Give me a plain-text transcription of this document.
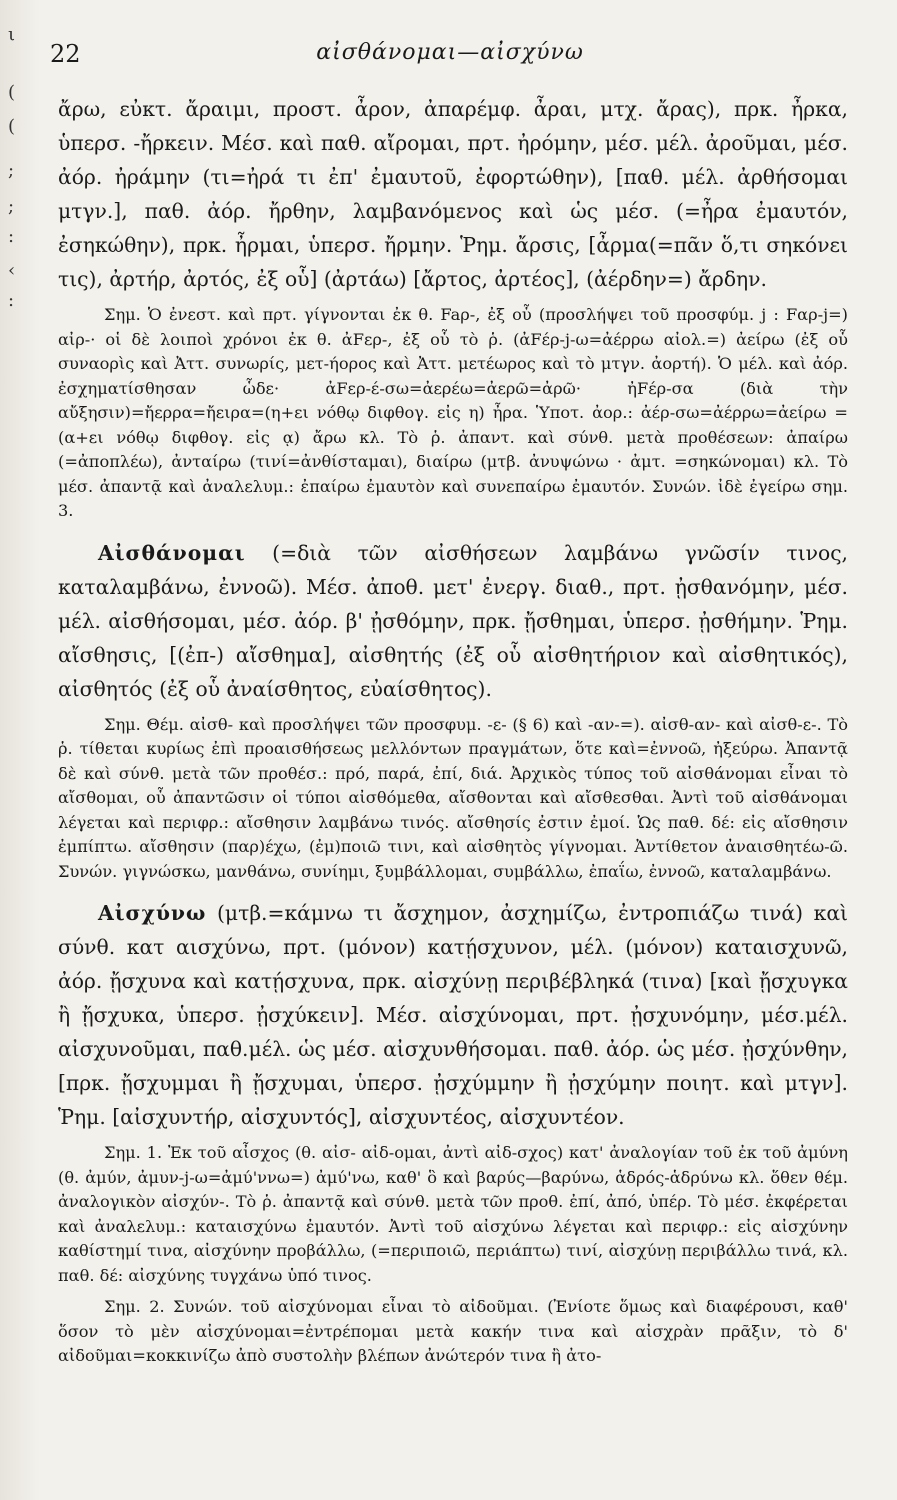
ι
(
(
;
;
:
‹
:
22	αἰσθάνομαι—αἰσχύνω

ἄρω, εὐκτ. ἄραιμι, προστ. ἆρον, ἀπαρέμφ. ἆραι, μτχ. ἄρας), πρκ. ἦρκα, ὑπερσ. -ἤρκειν. Μέσ. καὶ παθ. αἴρομαι, πρτ. ἠρόμην, μέσ. μέλ. ἀροῦμαι, μέσ. ἀόρ. ἠράμην (τι=ἠρά τι ἐπ' ἐμαυτοῦ, ἐφορτώθην), [παθ. μέλ. ἀρθήσομαι μτγν.], παθ. ἀόρ. ἤρθην, λαμβανόμενος καὶ ὡς μέσ. (=ἦρα ἐμαυτόν, ἐσηκώθην), πρκ. ἦρμαι, ὑπερσ. ἤρμην. Ῥημ. ἄρσις, [ἆρμα(=πᾶν ὅ,τι σηκόνει τις), ἀρτήρ, ἀρτός, ἐξ οὗ] (ἀρτάω) [ἄρτος, ἀρτέος], (ἀέρδην=) ἄρδην.

Σημ. Ὁ ἐνεστ. καὶ πρτ. γίγνονται ἐκ θ. Faρ-, ἐξ οὗ (προσλήψει τοῦ προσφύμ. j : Fαρ-j=) αἰρ-· οἱ δὲ λοιποὶ χρόνοι ἐκ θ. ἀFερ-, ἐξ οὗ τὸ ῥ. (ἀFέρ-j-ω=ἀέρρω αἰολ.=) ἀείρω (ἐξ οὗ συναορὶς καὶ Ἀττ. συνωρίς, μετ-ήορος καὶ Ἀττ. μετέωρος καὶ τὸ μτγν. ἀορτή). Ὁ μέλ. καὶ ἀόρ. ἐσχηματίσθησαν ὧδε· ἀFερ-έ-σω=ἀερέω=ἀερῶ=ἀρῶ· ἠFέρ-σα (διὰ τὴν αὔξησιν)=ἤερρα=ἤειρα=(η+ει νόθῳ διφθογ. εἰς η) ἦρα. Ὑποτ. ἀορ.: ἀέρ-σω=ἀέρρω=ἀείρω = (α+ει νόθῳ διφθογ. εἰς ᾳ) ἄρω κλ. Τὸ ῥ. ἀπαντ. καὶ σύνθ. μετὰ προθέσεων: ἀπαίρω (=ἀποπλέω), ἀνταίρω (τινί=ἀνθίσταμαι), διαίρω (μτβ. ἀνυψώνω · ἀμτ. =σηκώνομαι) κλ. Τὸ μέσ. ἀπαντᾷ καὶ ἀναλελυμ.: ἐπαίρω ἐμαυτὸν καὶ συνεπαίρω ἐμαυτόν. Συνών. ἰδὲ ἐγείρω σημ. 3.

Αἰσθάνομαι (=διὰ τῶν αἰσθήσεων λαμβάνω γνῶσίν τινος, καταλαμβάνω, ἐννοῶ). Μέσ. ἀποθ. μετ' ἐνεργ. διαθ., πρτ. ᾐσθανόμην, μέσ. μέλ. αἰσθήσομαι, μέσ. ἀόρ. β' ᾐσθόμην, πρκ. ᾔσθημαι, ὑπερσ. ᾐσθήμην. Ῥημ. αἴσθησις, [(ἐπ-) αἴσθημα], αἰσθητής (ἐξ οὗ αἰσθητήριον καὶ αἰσθητικός), αἰσθητός (ἐξ οὗ ἀναίσθητος, εὐαίσθητος).

Σημ. Θέμ. αἰσθ- καὶ προσλήψει τῶν προσφυμ. -ε- (§ 6) καὶ -αν-=). αἰσθ-αν- καὶ αἰσθ-ε-. Τὸ ῥ. τίθεται κυρίως ἐπὶ προαισθήσεως μελλόντων πραγμάτων, ὅτε καὶ=ἐννοῶ, ἠξεύρω. Ἀπαντᾷ δὲ καὶ σύνθ. μετὰ τῶν προθέσ.: πρό, παρά, ἐπί, διά. Ἀρχικὸς τύπος τοῦ αἰσθάνομαι εἶναι τὸ αἴσθομαι, οὗ ἀπαντῶσιν οἱ τύποι αἰσθόμεθα, αἴσθονται καὶ αἴσθεσθαι. Ἀντὶ τοῦ αἰσθάνομαι λέγεται καὶ περιφρ.: αἴσθησιν λαμβάνω τινός. αἴσθησίς ἐστιν ἐμοί. Ὡς παθ. δέ: εἰς αἴσθησιν ἐμπίπτω. αἴσθησιν (παρ)έχω, (ἐμ)ποιῶ τινι, καὶ αἰσθητὸς γίγνομαι. Ἀντίθετον ἀναισθητέω-ῶ. Συνών. γιγνώσκω, μανθάνω, συνίημι, ξυμβάλλομαι, συμβάλλω, ἐπαΐω, ἐννοῶ, καταλαμβάνω.

Αἰσχύνω (μτβ.=κάμνω τι ἄσχημον, ἀσχημίζω, ἐντροπιάζω τινά) καὶ σύνθ. κατ αισχύνω, πρτ. (μόνον) κατῄσχυνον, μέλ. (μόνον) καταισχυνῶ, ἀόρ. ᾔσχυνα καὶ κατῄσχυνα, πρκ. αἰσχύνῃ περιβέβληκά (τινα) [καὶ ᾔσχυγκα ἢ ᾔσχυκα, ὑπερσ. ᾐσχύκειν]. Μέσ. αἰσχύνομαι, πρτ. ᾐσχυνόμην, μέσ.μέλ. αἰσχυνοῦμαι, παθ.μέλ. ὡς μέσ. αἰσχυνθήσομαι. παθ. ἀόρ. ὡς μέσ. ᾐσχύνθην, [πρκ. ᾔσχυμμαι ἢ ᾔσχυμαι, ὑπερσ. ᾐσχύμμην ἢ ᾐσχύμην ποιητ. καὶ μτγν]. Ῥημ. [αἰσχυντήρ, αἰσχυντός], αἰσχυντέος, αἰσχυντέον.

Σημ. 1. Ἐκ τοῦ αἶσχος (θ. αἰσ- αἰδ-ομαι, ἀντὶ αἰδ-σχος) κατ' ἀναλογίαν τοῦ ἐκ τοῦ ἀμύνη (θ. ἀμύν, ἀμυν-j-ω=ἀμύ'ννω=) ἀμύ'νω, καθ' ὃ καὶ βαρύς—βαρύνω, ἁδρός-ἁδρύνω κλ. ὅθεν θέμ. ἀναλογικὸν αἰσχύν-. Τὸ ῥ. ἀπαντᾷ καὶ σύνθ. μετὰ τῶν προθ. ἐπί, ἀπό, ὑπέρ. Τὸ μέσ. ἐκφέρεται καὶ ἀναλελυμ.: καταισχύνω ἐμαυτόν. Ἀντὶ τοῦ αἰσχύνω λέγεται καὶ περιφρ.: εἰς αἰσχύνην καθίστημί τινα, αἰσχύνην προβάλλω, (=περιποιῶ, περιάπτω) τινί, αἰσχύνῃ περιβάλλω τινά, κλ. παθ. δέ: αἰσχύνης τυγχάνω ὑπό τινος.

Σημ. 2. Συνών. τοῦ αἰσχύνομαι εἶναι τὸ αἰδοῦμαι. (Ἐνίοτε ὅμως καὶ διαφέρουσι, καθ' ὅσον τὸ μὲν αἰσχύνομαι=ἐντρέπομαι μετὰ κακήν τινα καὶ αἰσχρὰν πρᾶξιν, τὸ δ' αἰδοῦμαι=κοκκινίζω ἀπὸ συστολὴν βλέπων ἀνώτερόν τινα ἢ ἀτο-
